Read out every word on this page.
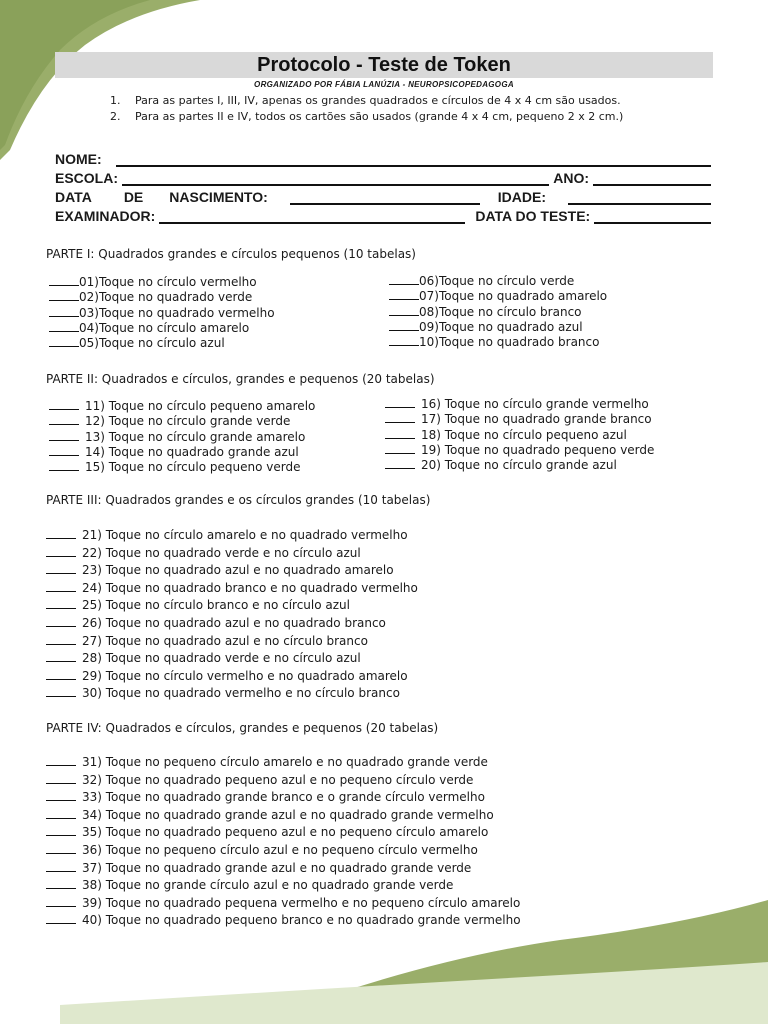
Protocolo - Teste de Token
ORGANIZADO POR FÁBIA LANÚZIA - NEUROPSICOPEDAGOGA
1. Para as partes I, III, IV, apenas os grandes quadrados e círculos de 4 x 4 cm são usados.
2. Para as partes II e IV, todos os cartões são usados (grande 4 x 4 cm, pequeno 2 x 2 cm.)
NOME:
ESCOLA:	ANO:
DATA DE NASCIMENTO:	IDADE:
EXAMINADOR:	DATA DO TESTE:
PARTE I: Quadrados grandes e círculos pequenos (10 tabelas)
01)Toque no círculo vermelho
02)Toque no quadrado verde
03)Toque no quadrado vermelho
04)Toque no círculo amarelo
05)Toque no círculo azul
06)Toque no círculo verde
07)Toque no quadrado amarelo
08)Toque no círculo branco
09)Toque no quadrado azul
10)Toque no quadrado branco
PARTE II: Quadrados e círculos, grandes e pequenos (20 tabelas)
11) Toque no círculo pequeno amarelo
12) Toque no círculo grande verde
13) Toque no círculo grande amarelo
14) Toque no quadrado grande azul
15) Toque no círculo pequeno verde
16) Toque no círculo grande vermelho
17) Toque no quadrado grande branco
18) Toque no círculo pequeno azul
19) Toque no quadrado pequeno verde
20) Toque no círculo grande azul
PARTE III: Quadrados grandes e os círculos grandes (10 tabelas)
21) Toque no círculo amarelo e no quadrado vermelho
22) Toque no quadrado verde e no círculo azul
23) Toque no quadrado azul e no quadrado amarelo
24) Toque no quadrado branco e no quadrado vermelho
25) Toque no círculo branco e no círculo azul
26) Toque no quadrado azul e no quadrado branco
27) Toque no quadrado azul e no círculo branco
28) Toque no quadrado verde e no círculo azul
29) Toque no círculo vermelho e no quadrado amarelo
30) Toque no quadrado vermelho e no círculo branco
PARTE IV: Quadrados e círculos, grandes e pequenos (20 tabelas)
31) Toque no pequeno círculo amarelo e no quadrado grande verde
32) Toque no quadrado pequeno azul e no pequeno círculo verde
33) Toque no quadrado grande branco e o grande círculo vermelho
34) Toque no quadrado grande azul e no quadrado grande vermelho
35) Toque no quadrado pequeno azul e no pequeno círculo amarelo
36) Toque no pequeno círculo azul e no pequeno círculo vermelho
37) Toque no quadrado grande azul e no quadrado grande verde
38) Toque no grande círculo azul e no quadrado grande verde
39) Toque no quadrado pequena vermelho e no pequeno círculo amarelo
40) Toque no quadrado pequeno branco e no quadrado grande vermelho
